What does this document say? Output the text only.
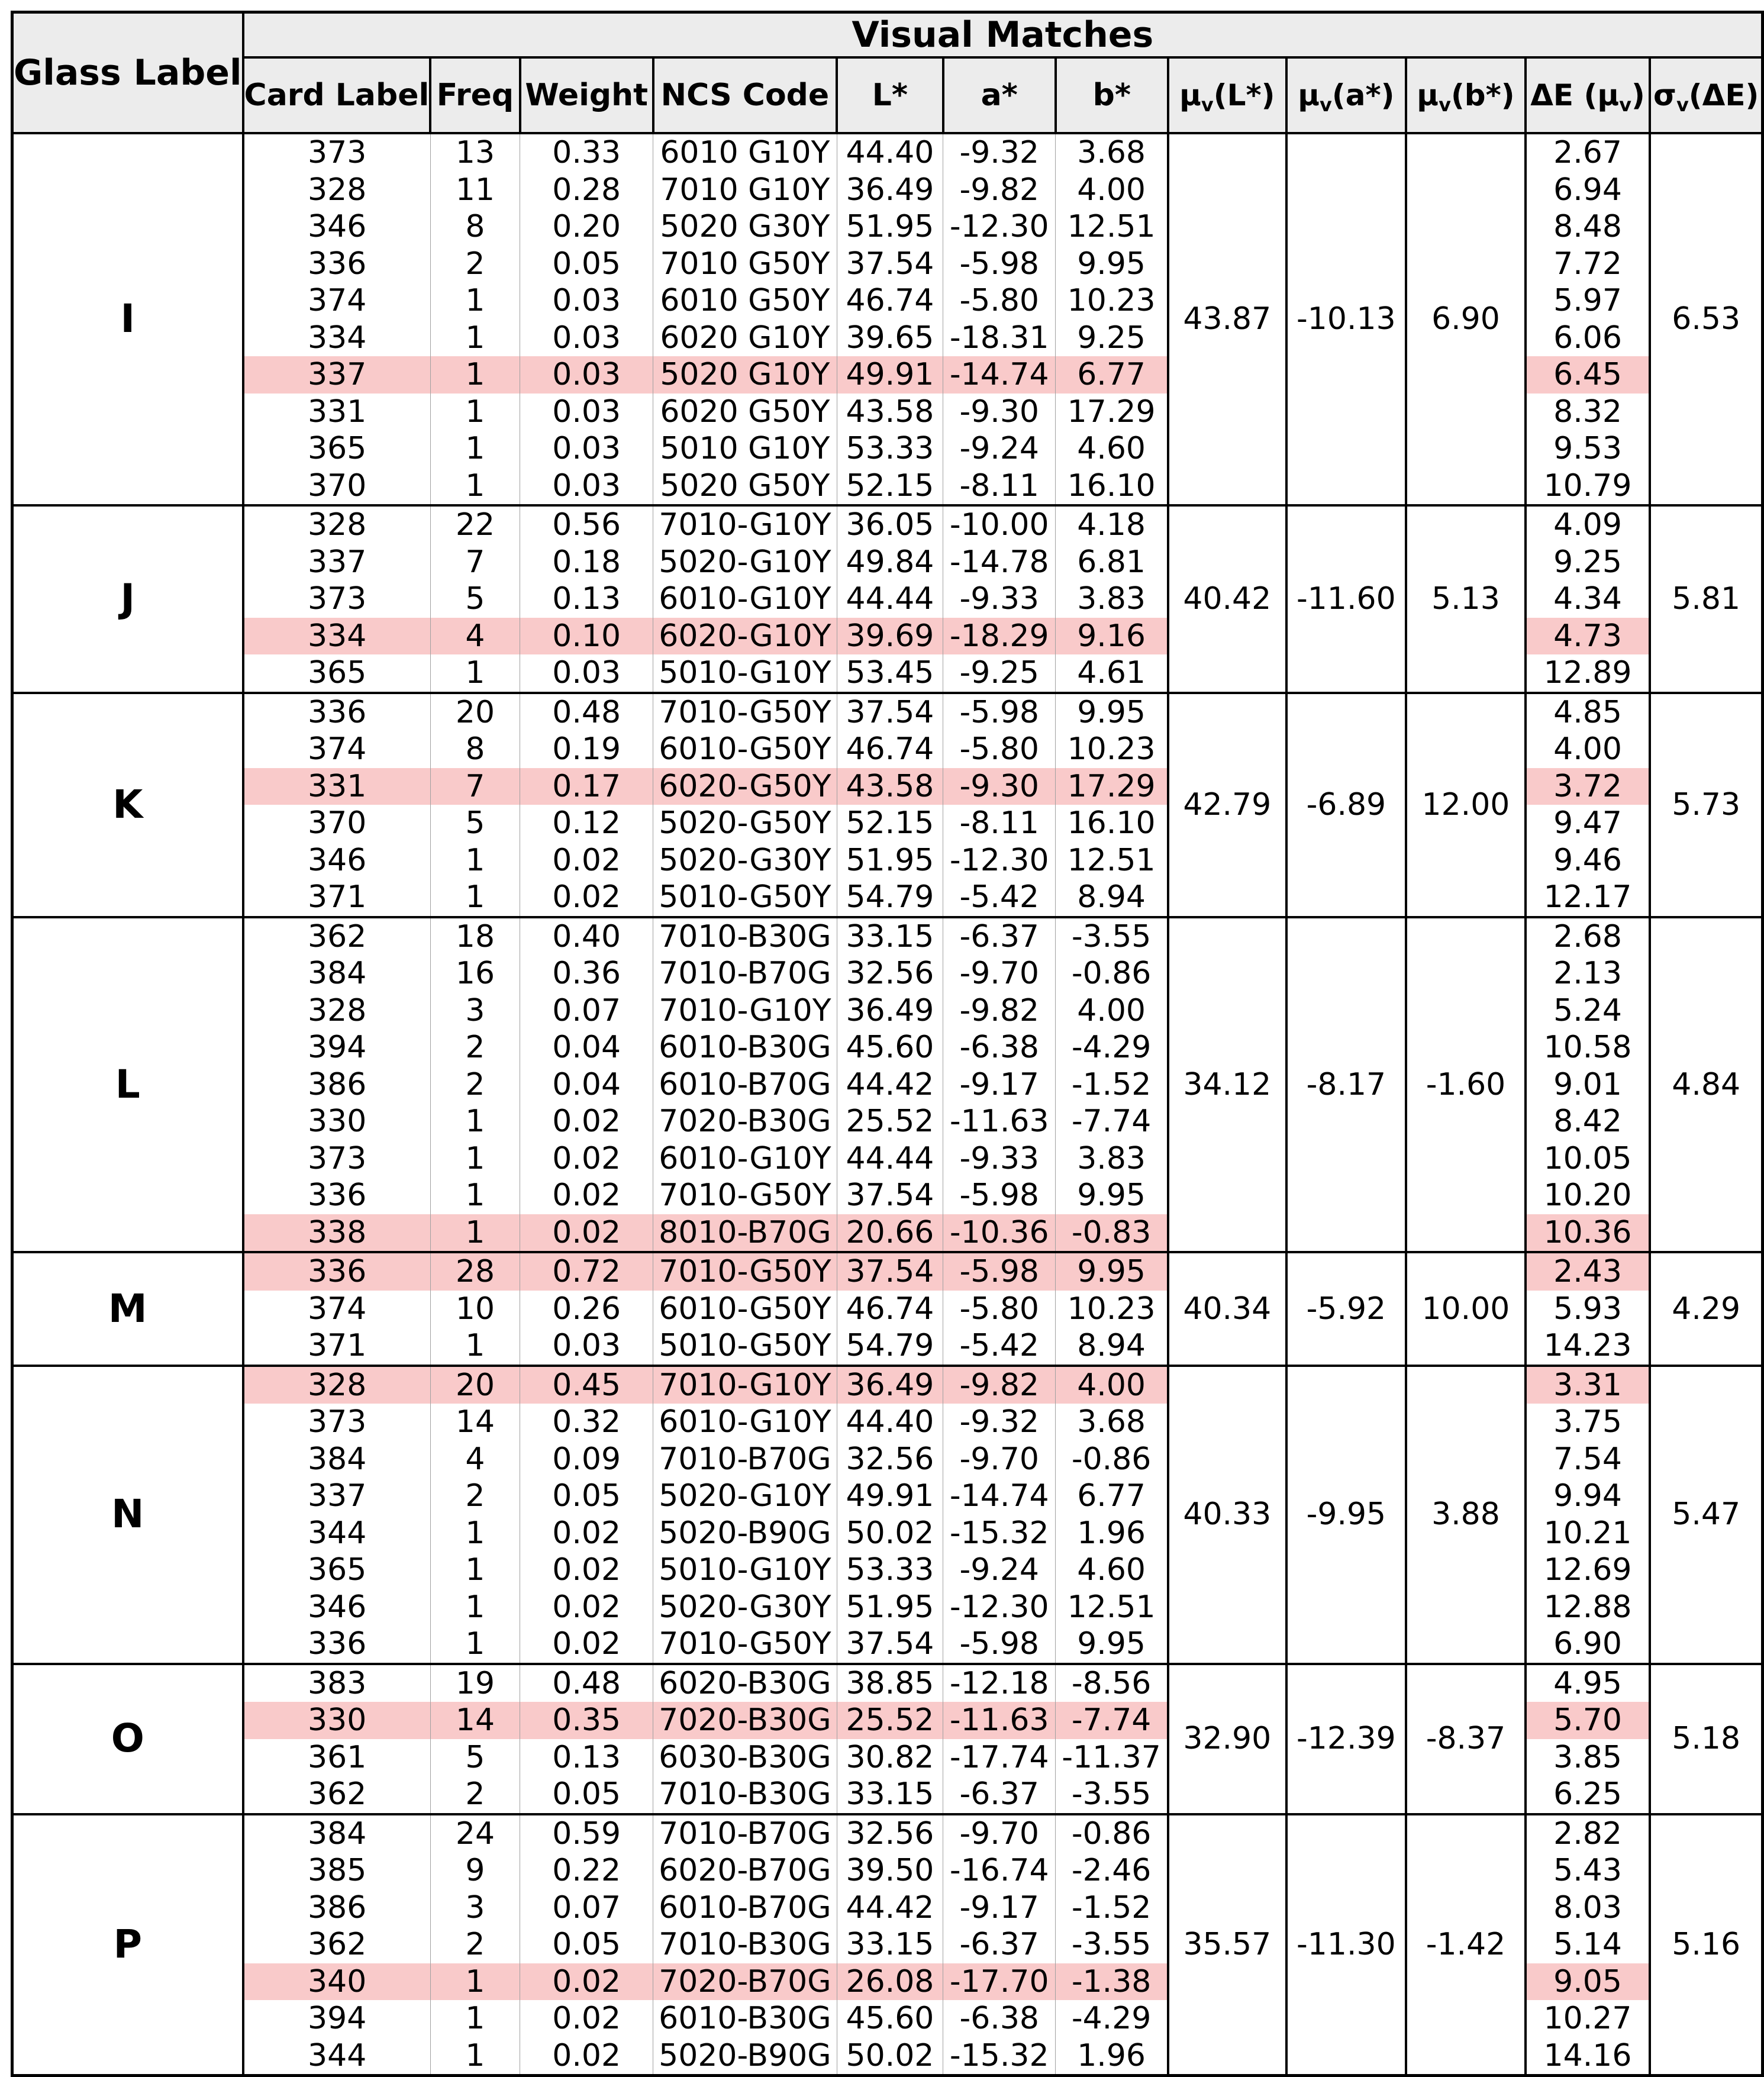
Glass Label	Visual Matches											
	Card Label	Freq	Weight	NCS Code	L*	a*	b*	$\mu_v(L*)$	$\mu_v(a*)$	$\mu_v(b*)$	ΔE $(\mu_v)$	$\sigma_v(\Delta E)$
I	373	13	0.33	6010 G10Y	44.40	-9.32	3.68	43.87	-10.13	6.90	2.67	6.53
	328	11	0.28	7010 G10Y	36.49	-9.82	4.00				6.94	
	346	8	0.20	5020 G30Y	51.95	-12.30	12.51				8.48	
	336	2	0.05	7010 G50Y	37.54	-5.98	9.95				7.72	
	374	1	0.03	6010 G50Y	46.74	-5.80	10.23				5.97	
	334	1	0.03	6020 G10Y	39.65	-18.31	9.25				6.06	
	337	1	0.03	5020 G10Y	49.91	-14.74	6.77				6.45	
	331	1	0.03	6020 G50Y	43.58	-9.30	17.29				8.32	
	365	1	0.03	5010 G10Y	53.33	-9.24	4.60				9.53	
	370	1	0.03	5020 G50Y	52.15	-8.11	16.10				10.79	
J	328	22	0.56	7010-G10Y	36.05	-10.00	4.18	40.42	-11.60	5.13	4.09	5.81
	337	7	0.18	5020-G10Y	49.84	-14.78	6.81				9.25	
	373	5	0.13	6010-G10Y	44.44	-9.33	3.83				4.34	
	334	4	0.10	6020-G10Y	39.69	-18.29	9.16				4.73	
	365	1	0.03	5010-G10Y	53.45	-9.25	4.61				12.89	
K	336	20	0.48	7010-G50Y	37.54	-5.98	9.95	42.79	-6.89	12.00	4.85	5.73
	374	8	0.19	6010-G50Y	46.74	-5.80	10.23				4.00	
	331	7	0.17	6020-G50Y	43.58	-9.30	17.29				3.72	
	370	5	0.12	5020-G50Y	52.15	-8.11	16.10				9.47	
	346	1	0.02	5020-G30Y	51.95	-12.30	12.51				9.46	
	371	1	0.02	5010-G50Y	54.79	-5.42	8.94				12.17	
L	362	18	0.40	7010-B30G	33.15	-6.37	-3.55	34.12	-8.17	-1.60	2.68	4.84
	384	16	0.36	7010-B70G	32.56	-9.70	-0.86				2.13	
	328	3	0.07	7010-G10Y	36.49	-9.82	4.00				5.24	
	394	2	0.04	6010-B30G	45.60	-6.38	-4.29				10.58	
	386	2	0.04	6010-B70G	44.42	-9.17	-1.52				9.01	
	330	1	0.02	7020-B30G	25.52	-11.63	-7.74				8.42	
	373	1	0.02	6010-G10Y	44.44	-9.33	3.83				10.05	
	336	1	0.02	7010-G50Y	37.54	-5.98	9.95				10.20	
	338	1	0.02	8010-B70G	20.66	-10.36	-0.83				10.36	
M	336	28	0.72	7010-G50Y	37.54	-5.98	9.95	40.34	-5.92	10.00	2.43	4.29
	374	10	0.26	6010-G50Y	46.74	-5.80	10.23				5.93	
	371	1	0.03	5010-G50Y	54.79	-5.42	8.94				14.23	
N	328	20	0.45	7010-G10Y	36.49	-9.82	4.00	40.33	-9.95	3.88	3.31	5.47
	373	14	0.32	6010-G10Y	44.40	-9.32	3.68				3.75	
	384	4	0.09	7010-B70G	32.56	-9.70	-0.86				7.54	
	337	2	0.05	5020-G10Y	49.91	-14.74	6.77				9.94	
	344	1	0.02	5020-B90G	50.02	-15.32	1.96				10.21	
	365	1	0.02	5010-G10Y	53.33	-9.24	4.60				12.69	
	346	1	0.02	5020-G30Y	51.95	-12.30	12.51				12.88	
	336	1	0.02	7010-G50Y	37.54	-5.98	9.95				6.90	
O	383	19	0.48	6020-B30G	38.85	-12.18	-8.56	32.90	-12.39	-8.37	4.95	5.18
	330	14	0.35	7020-B30G	25.52	-11.63	-7.74				5.70	
	361	5	0.13	6030-B30G	30.82	-17.74	-11.37				3.85	
	362	2	0.05	7010-B30G	33.15	-6.37	-3.55				6.25	
P	384	24	0.59	7010-B70G	32.56	-9.70	-0.86	35.57	-11.30	-1.42	2.82	5.16
	385	9	0.22	6020-B70G	39.50	-16.74	-2.46				5.43	
	386	3	0.07	6010-B70G	44.42	-9.17	-1.52				8.03	
	362	2	0.05	7010-B30G	33.15	-6.37	-3.55				5.14	
	340	1	0.02	7020-B70G	26.08	-17.70	-1.38				9.05	
	394	1	0.02	6010-B30G	45.60	-6.38	-4.29				10.27	
	344	1	0.02	5020-B90G	50.02	-15.32	1.96				14.16	
